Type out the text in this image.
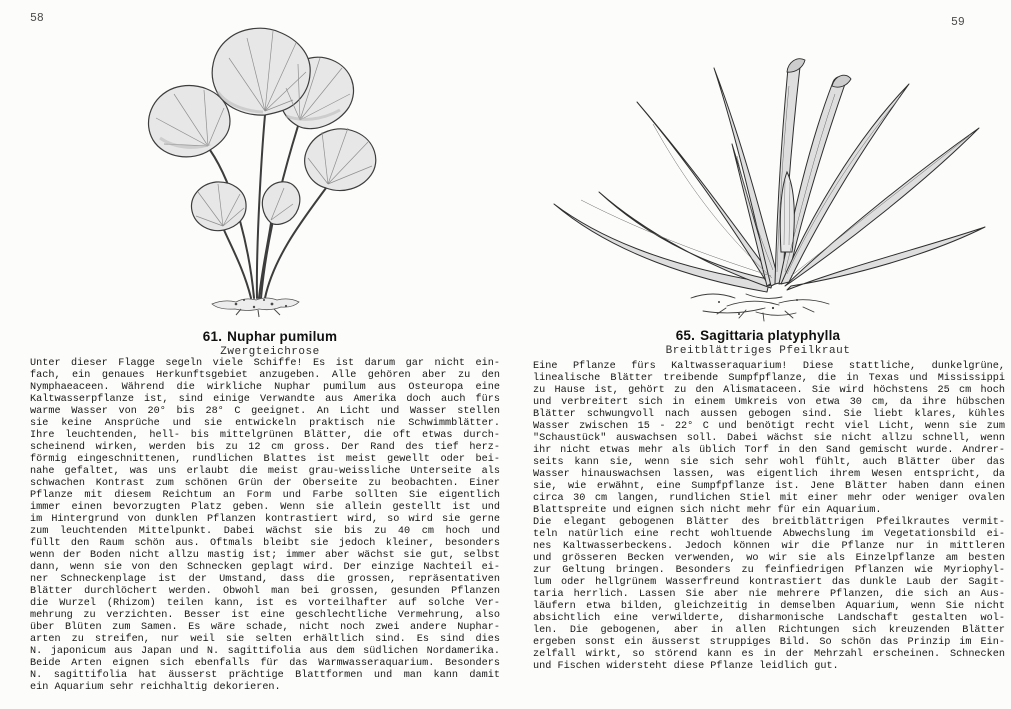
58
61. Nuphar pumilum
Zwergteichrose
Unter dieser Flagge segeln viele Schiffe! Es ist darum gar nicht ein-
fach, ein genaues Herkunftsgebiet anzugeben. Alle gehören aber zu den
Nymphaeaceen. Während die wirkliche Nuphar pumilum aus Osteuropa eine
Kaltwasserpflanze ist, sind einige Verwandte aus Amerika doch auch fürs
warme Wasser von 20° bis 28° C geeignet. An Licht und Wasser stellen
sie keine Ansprüche und sie entwickeln praktisch nie Schwimmblätter.
Ihre leuchtenden, hell- bis mittelgrünen Blätter, die oft etwas durch-
scheinend wirken, werden bis zu 12 cm gross. Der Rand des tief herz-
förmig eingeschnittenen, rundlichen Blattes ist meist gewellt oder bei-
nahe gefaltet, was uns erlaubt die meist grau-weissliche Unterseite als
schwachen Kontrast zum schönen Grün der Oberseite zu beobachten. Einer
Pflanze mit diesem Reichtum an Form und Farbe sollten Sie eigentlich
immer einen bevorzugten Platz geben. Wenn sie allein gestellt ist und
im Hintergrund von dunklen Pflanzen kontrastiert wird, so wird sie gerne
zum leuchtenden Mittelpunkt. Dabei wächst sie bis zu 40 cm hoch und
füllt den Raum schön aus. Oftmals bleibt sie jedoch kleiner, besonders
wenn der Boden nicht allzu mastig ist; immer aber wächst sie gut, selbst
dann, wenn sie von den Schnecken geplagt wird. Der einzige Nachteil ei-
ner Schneckenplage ist der Umstand, dass die grossen, repräsentativen
Blätter durchlöchert werden. Obwohl man bei grossen, gesunden Pflanzen
die Wurzel (Rhizom) teilen kann, ist es vorteilhafter auf solche Ver-
mehrung zu verzichten. Besser ist eine geschlechtliche Vermehrung, also
über Blüten zum Samen. Es wäre schade, nicht noch zwei andere Nuphar-
arten zu streifen, nur weil sie selten erhältlich sind. Es sind dies
N. japonicum aus Japan und N. sagittifolia aus dem südlichen Nordamerika.
Beide Arten eignen sich ebenfalls für das Warmwasseraquarium. Besonders
N. sagittifolia hat äusserst prächtige Blattformen und man kann damit
ein Aquarium sehr reichhaltig dekorieren.
59
65. Sagittaria platyphylla
Breitblättriges Pfeilkraut
Eine Pflanze fürs Kaltwasseraquarium! Diese stattliche, dunkelgrüne,
linealische Blätter treibende Sumpfpflanze, die in Texas und Mississippi
zu Hause ist, gehört zu den Alismataceen. Sie wird höchstens 25 cm hoch
und verbreitert sich in einem Umkreis von etwa 30 cm, da ihre hübschen
Blätter schwungvoll nach aussen gebogen sind. Sie liebt klares, kühles
Wasser zwischen 15 - 22° C und benötigt recht viel Licht, wenn sie zum
"Schaustück" auswachsen soll. Dabei wächst sie nicht allzu schnell, wenn
ihr nicht etwas mehr als üblich Torf in den Sand gemischt wurde. Andrer-
seits kann sie, wenn sie sich sehr wohl fühlt, auch Blätter über das
Wasser hinauswachsen lassen, was eigentlich ihrem Wesen entspricht, da
sie, wie erwähnt, eine Sumpfpflanze ist. Jene Blätter haben dann einen
circa 30 cm langen, rundlichen Stiel mit einer mehr oder weniger ovalen
Blattspreite und eignen sich nicht mehr für ein Aquarium.
Die elegant gebogenen Blätter des breitblättrigen Pfeilkrautes vermit-
teln natürlich eine recht wohltuende Abwechslung im Vegetationsbild ei-
nes Kaltwasserbeckens. Jedoch können wir die Pflanze nur in mittleren
und grösseren Becken verwenden, wo wir sie als Einzelpflanze am besten
zur Geltung bringen. Besonders zu feinfiedrigen Pflanzen wie Myriophyl-
lum oder hellgrünem Wasserfreund kontrastiert das dunkle Laub der Sagit-
taria herrlich. Lassen Sie aber nie mehrere Pflanzen, die sich an Aus-
läufern etwa bilden, gleichzeitig in demselben Aquarium, wenn Sie nicht
absichtlich eine verwilderte, disharmonische Landschaft gestalten wol-
len. Die gebogenen, aber in allen Richtungen sich kreuzenden Blätter
ergeben sonst ein äusserst struppiges Bild. So schön das Prinzip im Ein-
zelfall wirkt, so störend kann es in der Mehrzahl erscheinen. Schnecken
und Fischen widersteht diese Pflanze leidlich gut.
